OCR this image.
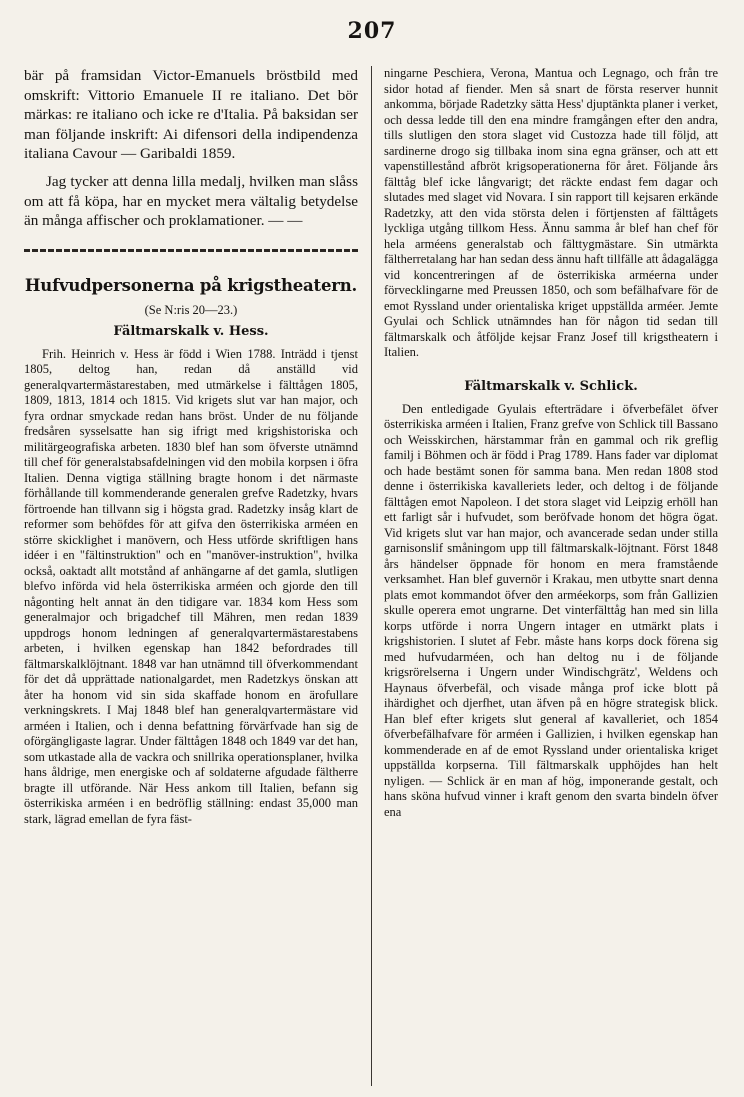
207

bär på framsidan Victor-Emanuels bröstbild med omskrift: Vittorio Emanuele II re italiano. Det bör märkas: re italiano och icke re d'Italia. På baksidan ser man följande inskrift: Ai difensori della indipendenza italiana Cavour — Garibaldi 1859.

Jag tycker att denna lilla medalj, hvilken man slåss om att få köpa, har en mycket mera vältalig betydelse än många affischer och proklamationer. — —

Hufvudpersonerna på krigstheatern.
(Se N:ris 20—23.)
Fältmarskalk v. Hess.

Frih. Heinrich v. Hess är född i Wien 1788. Inträdd i tjenst 1805, deltog han, redan då anställd vid generalqvartermästarestaben, med utmärkelse i fälttågen 1805, 1809, 1813, 1814 och 1815. Vid krigets slut var han major, och fyra ordnar smyckade redan hans bröst. Under de nu följande fredsåren sysselsatte han sig ifrigt med krigshistoriska och militärgeografiska arbeten. 1830 blef han som öfverste utnämnd till chef för generalstabsafdelningen vid den mobila korpsen i öfra Italien. Denna vigtiga ställning bragte honom i det närmaste förhållande till kommenderande generalen grefve Radetzky, hvars förtroende han tillvann sig i högsta grad. Radetzky insåg klart de reformer som behöfdes för att gifva den österrikiska arméen en större skicklighet i manövern, och Hess utförde skriftligen hans idéer i en "fältinstruktion" och en "manöver-instruktion", hvilka också, oaktadt allt motstånd af anhängarne af det gamla, slutligen blefvo införda vid hela österrikiska arméen och gjorde den till någonting helt annat än den tidigare var. 1834 kom Hess som generalmajor och brigadchef till Mähren, men redan 1839 uppdrogs honom ledningen af generalqvartermästarestabens arbeten, i hvilken egenskap han 1842 befordrades till fältmarskalklöjtnant. 1848 var han utnämnd till öfverkommendant för det då upprättade nationalgardet, men Radetzkys önskan att åter ha honom vid sin sida skaffade honom en ärofullare verkningskrets. I Maj 1848 blef han generalqvartermästare vid arméen i Italien, och i denna befattning förvärfvade han sig de oförgängligaste lagrar. Under fälttågen 1848 och 1849 var det han, som utkastade alla de vackra och snillrika operationsplaner, hvilka hans åldrige, men energiske och af soldaterne afgudade fältherre bragte ill utförande. När Hess ankom till Italien, befann sig österrikiska arméen i en bedröflig ställning: endast 35,000 man stark, lägrad emellan de fyra fäst-

ningarne Peschiera, Verona, Mantua och Legnago, och från tre sidor hotad af fiender. Men så snart de första reserver hunnit ankomma, började Radetzky sätta Hess' djuptänkta planer i verket, och dessa ledde till den ena mindre framgången efter den andra, tills slutligen den stora slaget vid Custozza hade till följd, att sardinerne drogo sig tillbaka inom sina egna gränser, och att ett vapenstillestånd afbröt krigsoperationerna för året. Följande års fälttåg blef icke långvarigt; det räckte endast fem dagar och slutades med slaget vid Novara. I sin rapport till kejsaren erkände Radetzky, att den vida största delen i förtjensten af fälttågets lyckliga utgång tillkom Hess. Ännu samma år blef han chef för hela arméens generalstab och fälttygmästare. Sin utmärkta fältherretalang har han sedan dess ännu haft tillfälle att ådagalägga vid koncentreringen af de österrikiska arméerna under förvecklingarne med Preussen 1850, och som befälhafvare för de emot Ryssland under orientaliska kriget uppställda arméer. Jemte Gyulai och Schlick utnämndes han för någon tid sedan till fältmarskalk och åtföljde kejsar Franz Josef till krigstheatern i Italien.

Fältmarskalk v. Schlick.

Den entledigade Gyulais efterträdare i öfverbefälet öfver österrikiska arméen i Italien, Franz grefve von Schlick till Bassano och Weisskirchen, härstammar från en gammal och rik greflig familj i Böhmen och är född i Prag 1789. Hans fader var diplomat och hade bestämt sonen för samma bana. Men redan 1808 stod denne i österrikiska kavalleriets leder, och deltog i de följande fälttågen emot Napoleon. I det stora slaget vid Leipzig erhöll han ett farligt sår i hufvudet, som beröfvade honom det högra ögat. Vid krigets slut var han major, och avancerade sedan under stilla garnisonslif småningom upp till fältmarskalk-löjtnant. Först 1848 års händelser öppnade för honom en mera framstående verksamhet. Han blef guvernör i Krakau, men utbytte snart denna plats emot kommandot öfver den arméekorps, som från Gallizien skulle operera emot ungrarne. Det vinterfälttåg han med sin lilla korps utförde i norra Ungern intager en utmärkt plats i krigshistorien. I slutet af Febr. måste hans korps dock förena sig med hufvudarméen, och han deltog nu i de följande krigsrörelserna i Ungern under Windischgrätz', Weldens och Haynaus öfverbefäl, och visade många prof icke blott på ihärdighet och djerfhet, utan äfven på en högre strategisk blick. Han blef efter krigets slut general af kavalleriet, och 1854 öfverbefälhafvare för arméen i Gallizien, i hvilken egenskap han kommenderade en af de emot Ryssland under orientaliska kriget uppställda korpserna. Till fältmarskalk upphöjdes han helt nyligen. — Schlick är en man af hög, imponerande gestalt, och hans sköna hufvud vinner i kraft genom den svarta bindeln öfver ena
